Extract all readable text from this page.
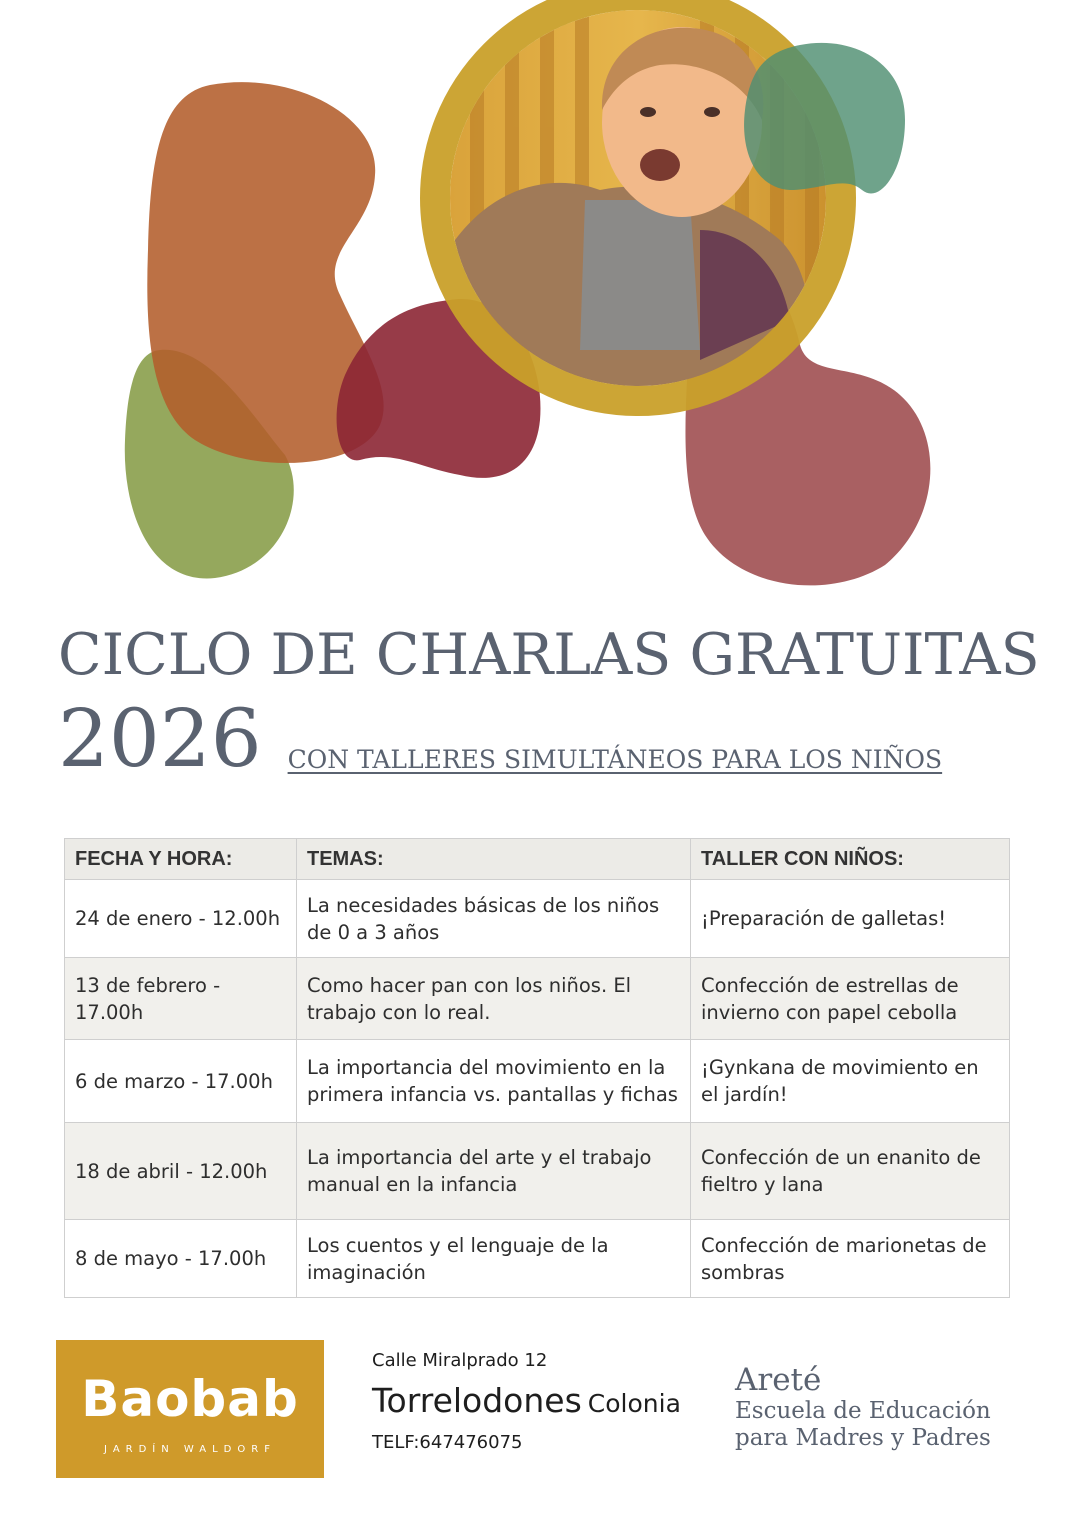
CICLO DE CHARLAS GRATUITAS
2026 CON TALLERES SIMULTÁNEOS PARA LOS NIÑOS
FECHA Y HORA:	TEMAS:	TALLER CON NIÑOS:
24 de enero - 12.00h	La necesidades básicas de los niños de 0 a 3 años	¡Preparación de galletas!
13 de febrero - 17.00h	Como hacer pan con los niños. El trabajo con lo real.	Confección de estrellas de invierno con papel cebolla
6 de marzo - 17.00h	La importancia del movimiento en la primera infancia vs. pantallas y fichas	¡Gynkana de movimiento en el jardín!
18 de abril - 12.00h	La importancia del arte y el trabajo manual en la infancia	Confección de un enanito de fieltro y lana
8 de mayo - 17.00h	Los cuentos y el lenguaje de la imaginación	Confección de marionetas de sombras
Baobab
JARDÍN WALDORF
Calle Miralprado 12
Torrelodones Colonia
TELF:647476075
Areté
Escuela de Educación
para Madres y Padres
